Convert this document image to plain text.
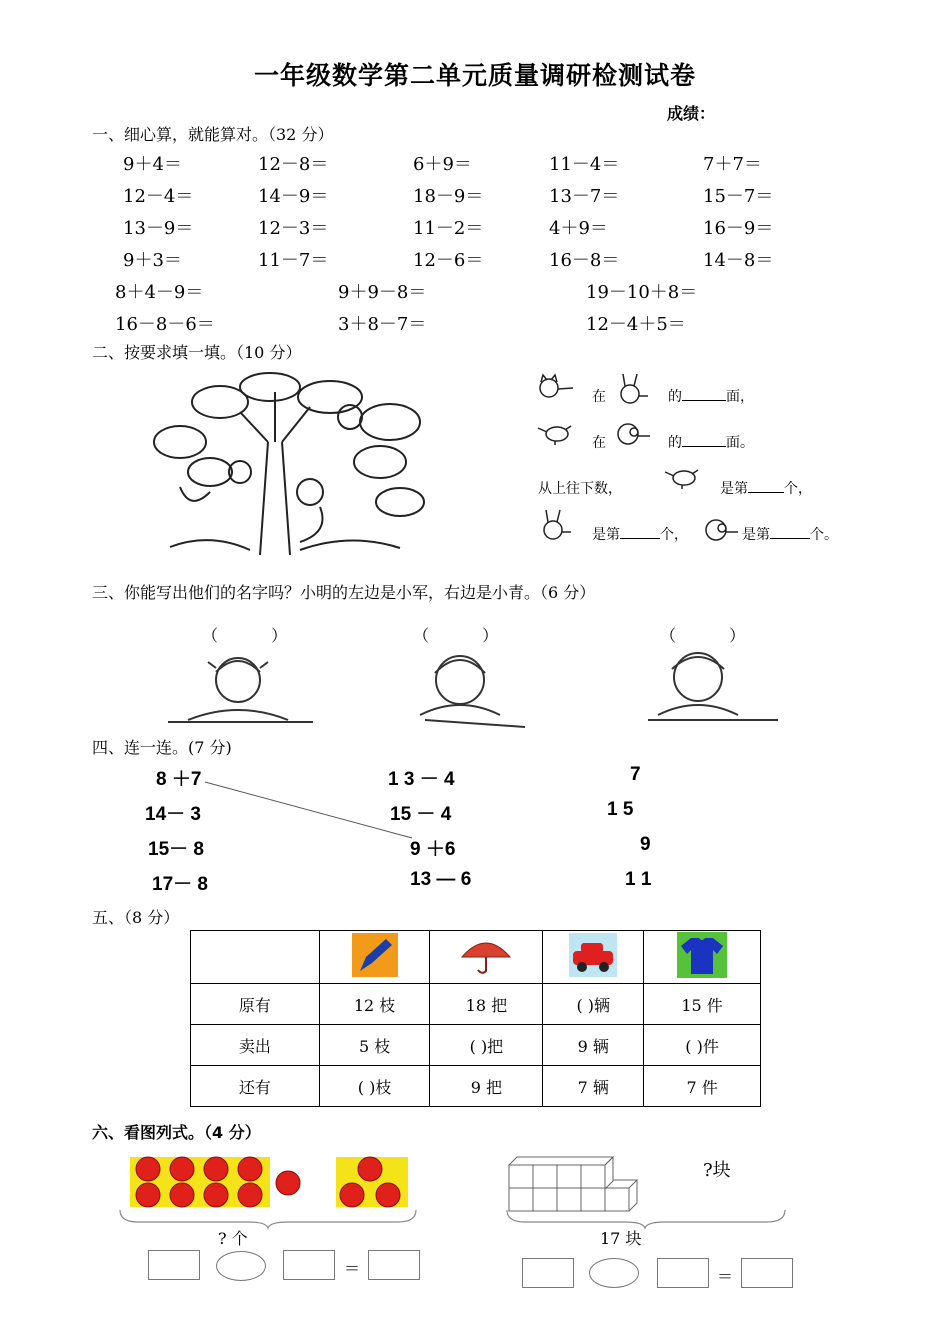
一年级数学第二单元质量调研检测试卷
成绩：
一、细心算，就能算对。（32 分）
9＋4＝	12－8＝	6＋9＝	11－4＝	7＋7＝
12－4＝	14－9＝	18－9＝	13－7＝	15－7＝
13－9＝	12－3＝	11－2＝	4＋9＝	16－9＝
9＋3＝	11－7＝	12－6＝	16－8＝	14－8＝
8＋4－9＝	9＋9－8＝	19－10＋8＝
16－8－6＝	3＋8－7＝	12－4＋5＝
二、按要求填一填。（10 分）
在	的	面，
在	的	面。
从上往下数，	是第	个，
是第	个，	是第	个。
三、你能写出他们的名字吗？小明的左边是小军，右边是小青。（6 分）
（ ）	（ ）	（ ）
四、连一连。(7 分)
8 ＋7
14－ 3
15－ 8
17－ 8
1 3 － 4
15 － 4
9 ＋6
13 — 6
7
1 5
9
1 1
五、（8 分）

原有	12 枝	18 把	( )辆	15 件
卖出	5 枝	( )把	9 辆	( )件
还有	( )枝	9 把	7 辆	7 件
六、看图列式。（4 分）
? 个
?块
17 块
＝	＝
